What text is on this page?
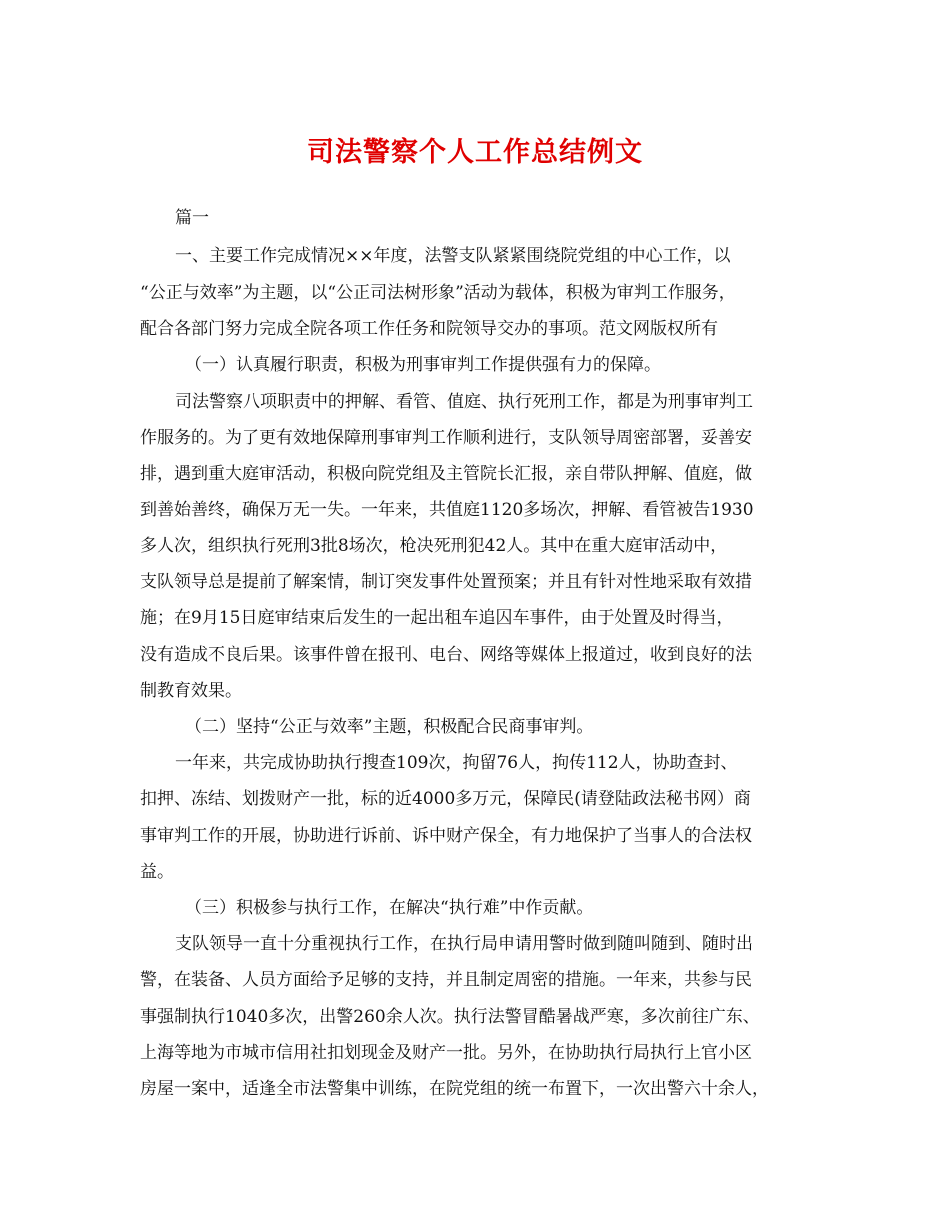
司法警察个人工作总结例文
篇一
一、主要工作完成情况××年度，法警支队紧紧围绕院党组的中心工作，以
“公正与效率”为主题，以“公正司法树形象”活动为载体，积极为审判工作服务，
配合各部门努力完成全院各项工作任务和院领导交办的事项。范文网版权所有
（一）认真履行职责，积极为刑事审判工作提供强有力的保障。
司法警察八项职责中的押解、看管、值庭、执行死刑工作，都是为刑事审判工
作服务的。为了更有效地保障刑事审判工作顺利进行，支队领导周密部署，妥善安
排，遇到重大庭审活动，积极向院党组及主管院长汇报，亲自带队押解、值庭，做
到善始善终，确保万无一失。一年来，共值庭1120多场次，押解、看管被告1930
多人次，组织执行死刑3批8场次，枪决死刑犯42人。其中在重大庭审活动中，
支队领导总是提前了解案情，制订突发事件处置预案；并且有针对性地采取有效措
施；在9月15日庭审结束后发生的一起出租车追囚车事件，由于处置及时得当，
没有造成不良后果。该事件曾在报刊、电台、网络等媒体上报道过，收到良好的法
制教育效果。
（二）坚持“公正与效率”主题，积极配合民商事审判。
一年来，共完成协助执行搜查109次，拘留76人，拘传112人，协助查封、
扣押、冻结、划拨财产一批，标的近4000多万元，保障民(请登陆政法秘书网）商
事审判工作的开展，协助进行诉前、诉中财产保全，有力地保护了当事人的合法权
益。
（三）积极参与执行工作，在解决“执行难”中作贡献。
支队领导一直十分重视执行工作，在执行局申请用警时做到随叫随到、随时出
警，在装备、人员方面给予足够的支持，并且制定周密的措施。一年来，共参与民
事强制执行1040多次，出警260余人次。执行法警冒酷暑战严寒，多次前往广东、
上海等地为市城市信用社扣划现金及财产一批。另外，在协助执行局执行上官小区
房屋一案中，适逢全市法警集中训练，在院党组的统一布置下，一次出警六十余人，
